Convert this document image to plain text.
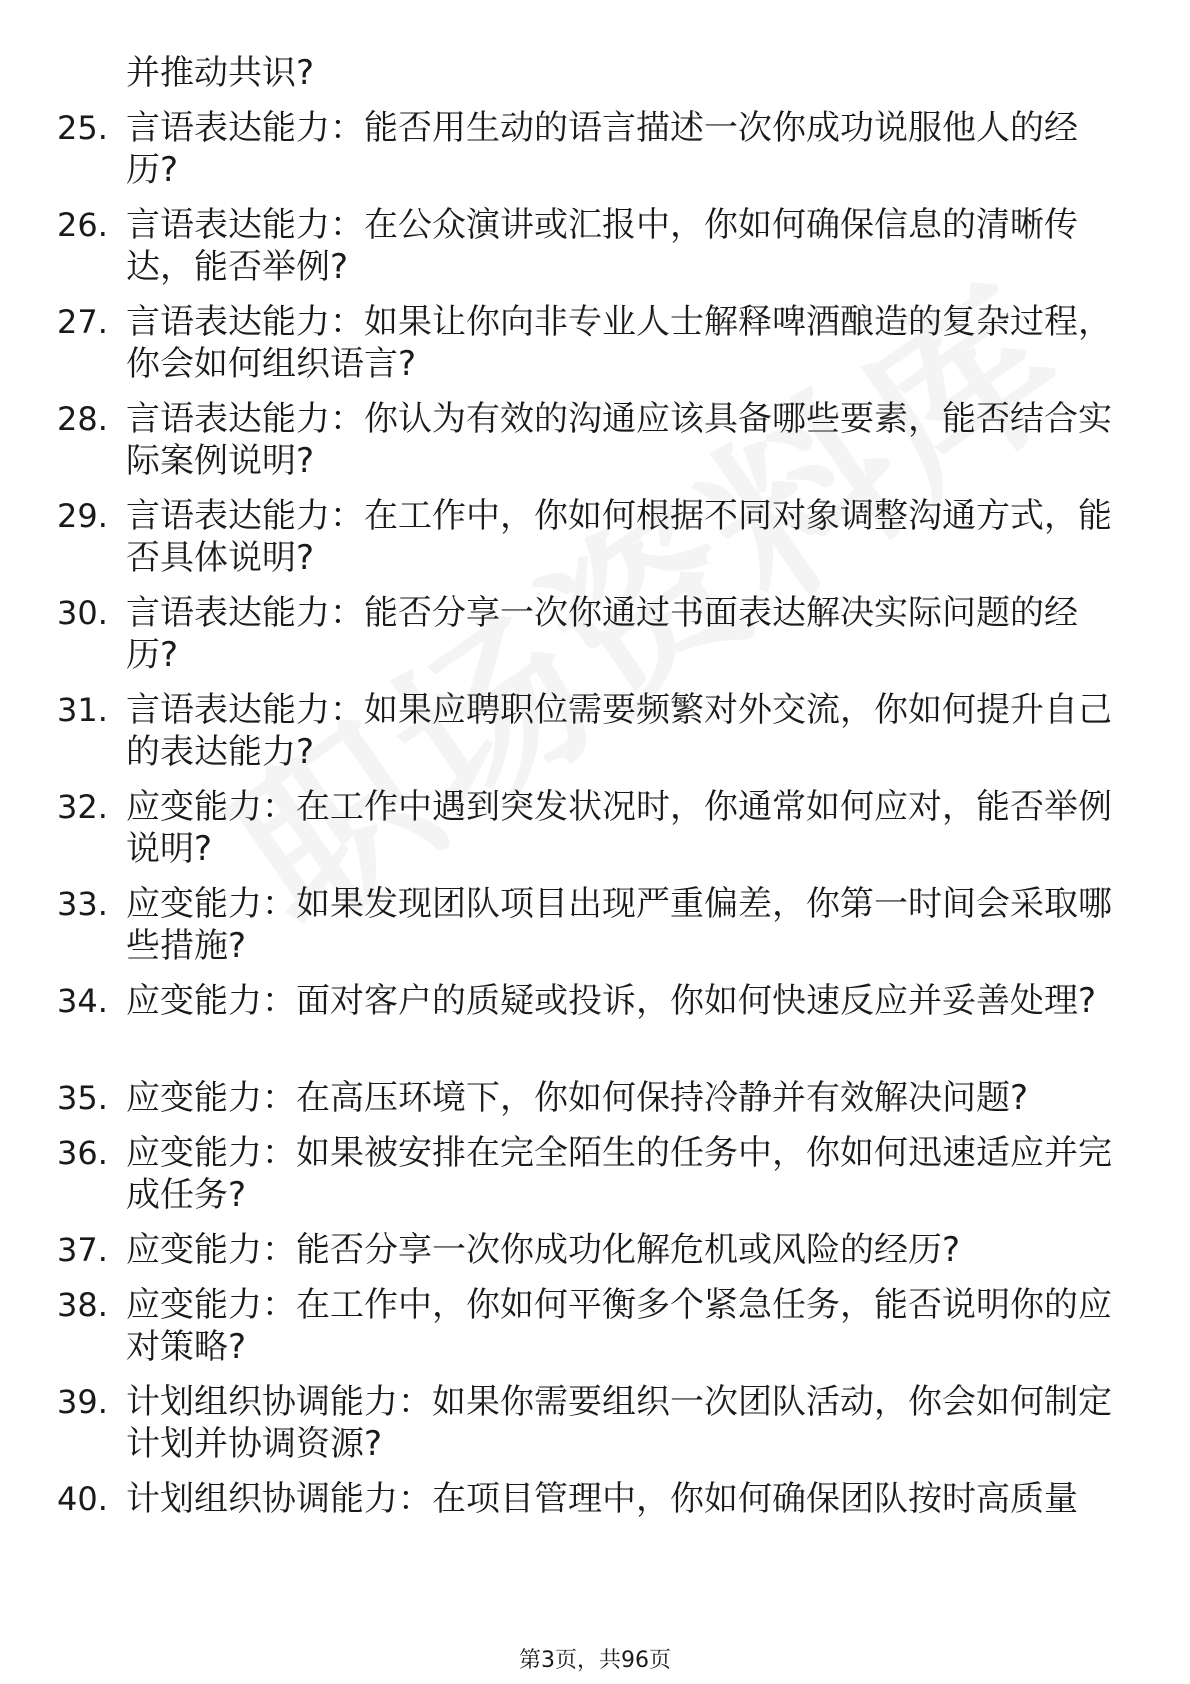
并推动共识?
25. 言语表达能力：能否用生动的语言描述一次你成功说服他人的经历?
26. 言语表达能力：在公众演讲或汇报中，你如何确保信息的清晰传达，能否举例?
27. 言语表达能力：如果让你向非专业人士解释啤酒酿造的复杂过程，你会如何组织语言?
28. 言语表达能力：你认为有效的沟通应该具备哪些要素，能否结合实际案例说明?
29. 言语表达能力：在工作中，你如何根据不同对象调整沟通方式，能否具体说明?
30. 言语表达能力：能否分享一次你通过书面表达解决实际问题的经历?
31. 言语表达能力：如果应聘职位需要频繁对外交流，你如何提升自己的表达能力?
32. 应变能力：在工作中遇到突发状况时，你通常如何应对，能否举例说明?
33. 应变能力：如果发现团队项目出现严重偏差，你第一时间会采取哪些措施?
34. 应变能力：面对客户的质疑或投诉，你如何快速反应并妥善处理?
35. 应变能力：在高压环境下，你如何保持冷静并有效解决问题?
36. 应变能力：如果被安排在完全陌生的任务中，你如何迅速适应并完成任务?
37. 应变能力：能否分享一次你成功化解危机或风险的经历?
38. 应变能力：在工作中，你如何平衡多个紧急任务，能否说明你的应对策略?
39. 计划组织协调能力：如果你需要组织一次团队活动，你会如何制定计划并协调资源?
40. 计划组织协调能力：在项目管理中，你如何确保团队按时高质量
第3页，共96页
